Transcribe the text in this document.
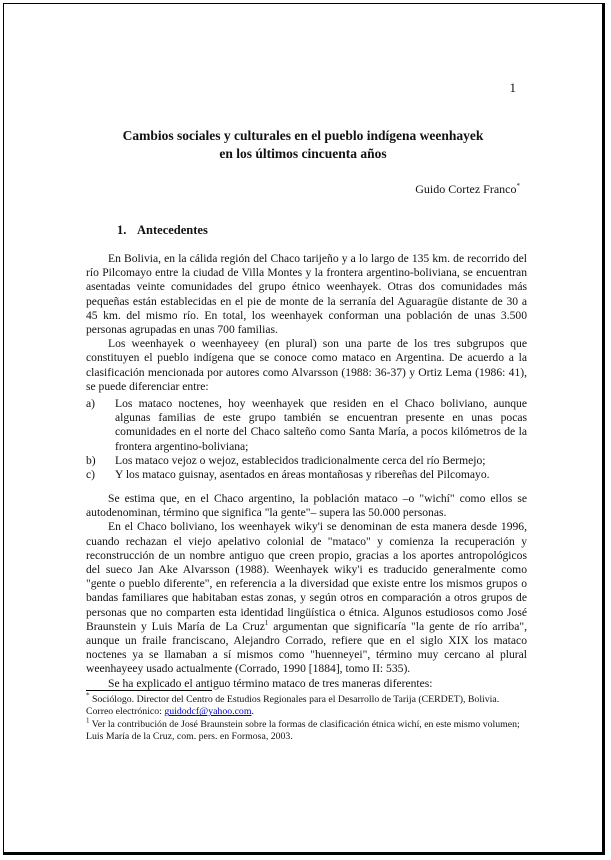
1
Cambios sociales y culturales en el pueblo indígena weenhayek
en los últimos cincuenta años
Guido Cortez Franco*
1. Antecedentes

En Bolivia, en la cálida región del Chaco tarijeño y a lo largo de 135 km. de recorrido del río Pilcomayo entre la ciudad de Villa Montes y la frontera argentino-boliviana, se encuentran asentadas veinte comunidades del grupo étnico weenhayek. Otras dos comunidades más pequeñas están establecidas en el pie de monte de la serranía del Aguaragüe distante de 30 a 45 km. del mismo río. En total, los weenhayek conforman una población de unas 3.500 personas agrupadas en unas 700 familias.

Los weenhayek o weenhayeey (en plural) son una parte de los tres subgrupos que constituyen el pueblo indígena que se conoce como mataco en Argentina. De acuerdo a la clasificación mencionada por autores como Alvarsson (1988: 36-37) y Ortiz Lema (1986: 41), se puede diferenciar entre:

a)	Los mataco noctenes, hoy weenhayek que residen en el Chaco boliviano, aunque algunas familias de este grupo también se encuentran presente en unas pocas comunidades en el norte del Chaco salteño como Santa María, a pocos kilómetros de la frontera argentino-boliviana;
b)	Los mataco vejoz o wejoz, establecidos tradicionalmente cerca del río Bermejo;
c)	Y los mataco guisnay, asentados en áreas montañosas y ribereñas del Pilcomayo.

Se estima que, en el Chaco argentino, la población mataco –o "wichí" como ellos se autodenominan, término que significa "la gente"– supera las 50.000 personas.

En el Chaco boliviano, los weenhayek wiky'i se denominan de esta manera desde 1996, cuando rechazan el viejo apelativo colonial de "mataco" y comienza la recuperación y reconstrucción de un nombre antiguo que creen propio, gracias a los aportes antropológicos del sueco Jan Ake Alvarsson (1988). Weenhayek wiky'i es traducido generalmente como "gente o pueblo diferente", en referencia a la diversidad que existe entre los mismos grupos o bandas familiares que habitaban estas zonas, y según otros en comparación a otros grupos de personas que no comparten esta identidad lingüística o étnica. Algunos estudiosos como José Braunstein y Luis María de La Cruz$^1$ argumentan que significaría "la gente de río arriba", aunque un fraile franciscano, Alejandro Corrado, refiere que en el siglo XIX los mataco noctenes ya se llamaban a sí mismos como "huenneyei", término muy cercano al plural weenhayeey usado actualmente (Corrado, 1990 [1884], tomo II: 535).

Se ha explicado el antiguo término mataco de tres maneras diferentes:

* Sociólogo. Director del Centro de Estudios Regionales para el Desarrollo de Tarija (CERDET), Bolivia. Correo electrónico: guidodcf@yahoo.com.

$^1$ Ver la contribución de José Braunstein sobre la formas de clasificación étnica wichí, en este mismo volumen; Luis María de la Cruz, com. pers. en Formosa, 2003.
